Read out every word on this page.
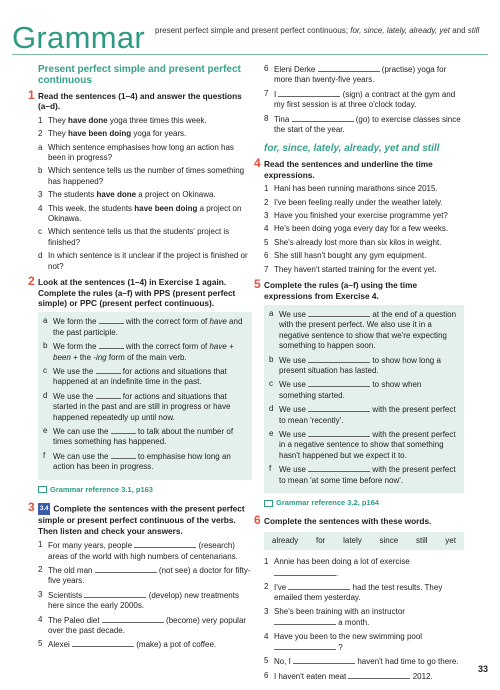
Grammar present perfect simple and present perfect continuous; for, since, lately, already, yet and still
Present perfect simple and present perfect continuous
1 Read the sentences (1–4) and answer the questions (a–d).
1 They have done yoga three times this week.
2 They have been doing yoga for years.
a Which sentence emphasises how long an action has been in progress?
b Which sentence tells us the number of times something has happened?
3 The students have done a project on Okinawa.
4 This week, the students have been doing a project on Okinawa.
c Which sentence tells us that the students' project is finished?
d In which sentence is it unclear if the project is finished or not?
2 Look at the sentences (1–4) in Exercise 1 again. Complete the rules (a–f) with PPS (present perfect simple) or PPC (present perfect continuous).
a We form the	with the correct form of have and the past participle.
b We form the	with the correct form of have + been + the -ing form of the main verb.
c We use the	for actions and situations that happened at an indefinite time in the past.
d We use the	for actions and situations that started in the past and are still in progress or have happened repeatedly up until now.
e We can use the	to talk about the number of times something has happened.
f We can use the	to emphasise how long an action has been in progress.
Grammar reference 3.1, p163
3 3.4 Complete the sentences with the present perfect simple or present perfect continuous of the verbs. Then listen and check your answers.
1 For many years, people	(research) areas of the world with high numbers of centenarians.
2 The old man	(not see) a doctor for fifty-five years.
3 Scientists	(develop) new treatments here since the early 2000s.
4 The Paleo diet	(become) very popular over the past decade.
5 Alexei	(make) a pot of coffee.
6 Eleni Derke	(practise) yoga for more than twenty-five years.
7 I	(sign) a contract at the gym and my first session is at three o'clock today.
8 Tina	(go) to exercise classes since the start of the year.
for, since, lately, already, yet and still
4 Read the sentences and underline the time expressions.
1 Hani has been running marathons since 2015.
2 I've been feeling really under the weather lately.
3 Have you finished your exercise programme yet?
4 He's been doing yoga every day for a few weeks.
5 She's already lost more than six kilos in weight.
6 She still hasn't bought any gym equipment.
7 They haven't started training for the event yet.
5 Complete the rules (a–f) using the time expressions from Exercise 4.
a We use	at the end of a question with the present perfect. We also use it in a negative sentence to show that we're expecting something to happen soon.
b We use	to show how long a present situation has lasted.
c We use	to show when something started.
d We use	with the present perfect to mean 'recently'.
e We use	with the present perfect in a negative sentence to show that something hasn't happened but we expect it to.
f We use	with the present perfect to mean 'at some time before now'.
Grammar reference 3.2, p164
6 Complete the sentences with these words.
already for lately since still yet
1 Annie has been doing a lot of exercise .
2 I've	had the test results. They emailed them yesterday.
3 She's been training with an instructor  a month.
4 Have you been to the new swimming pool  ?
5 No, I	haven't had time to go there.
6 I haven't eaten meat	2012.
33
